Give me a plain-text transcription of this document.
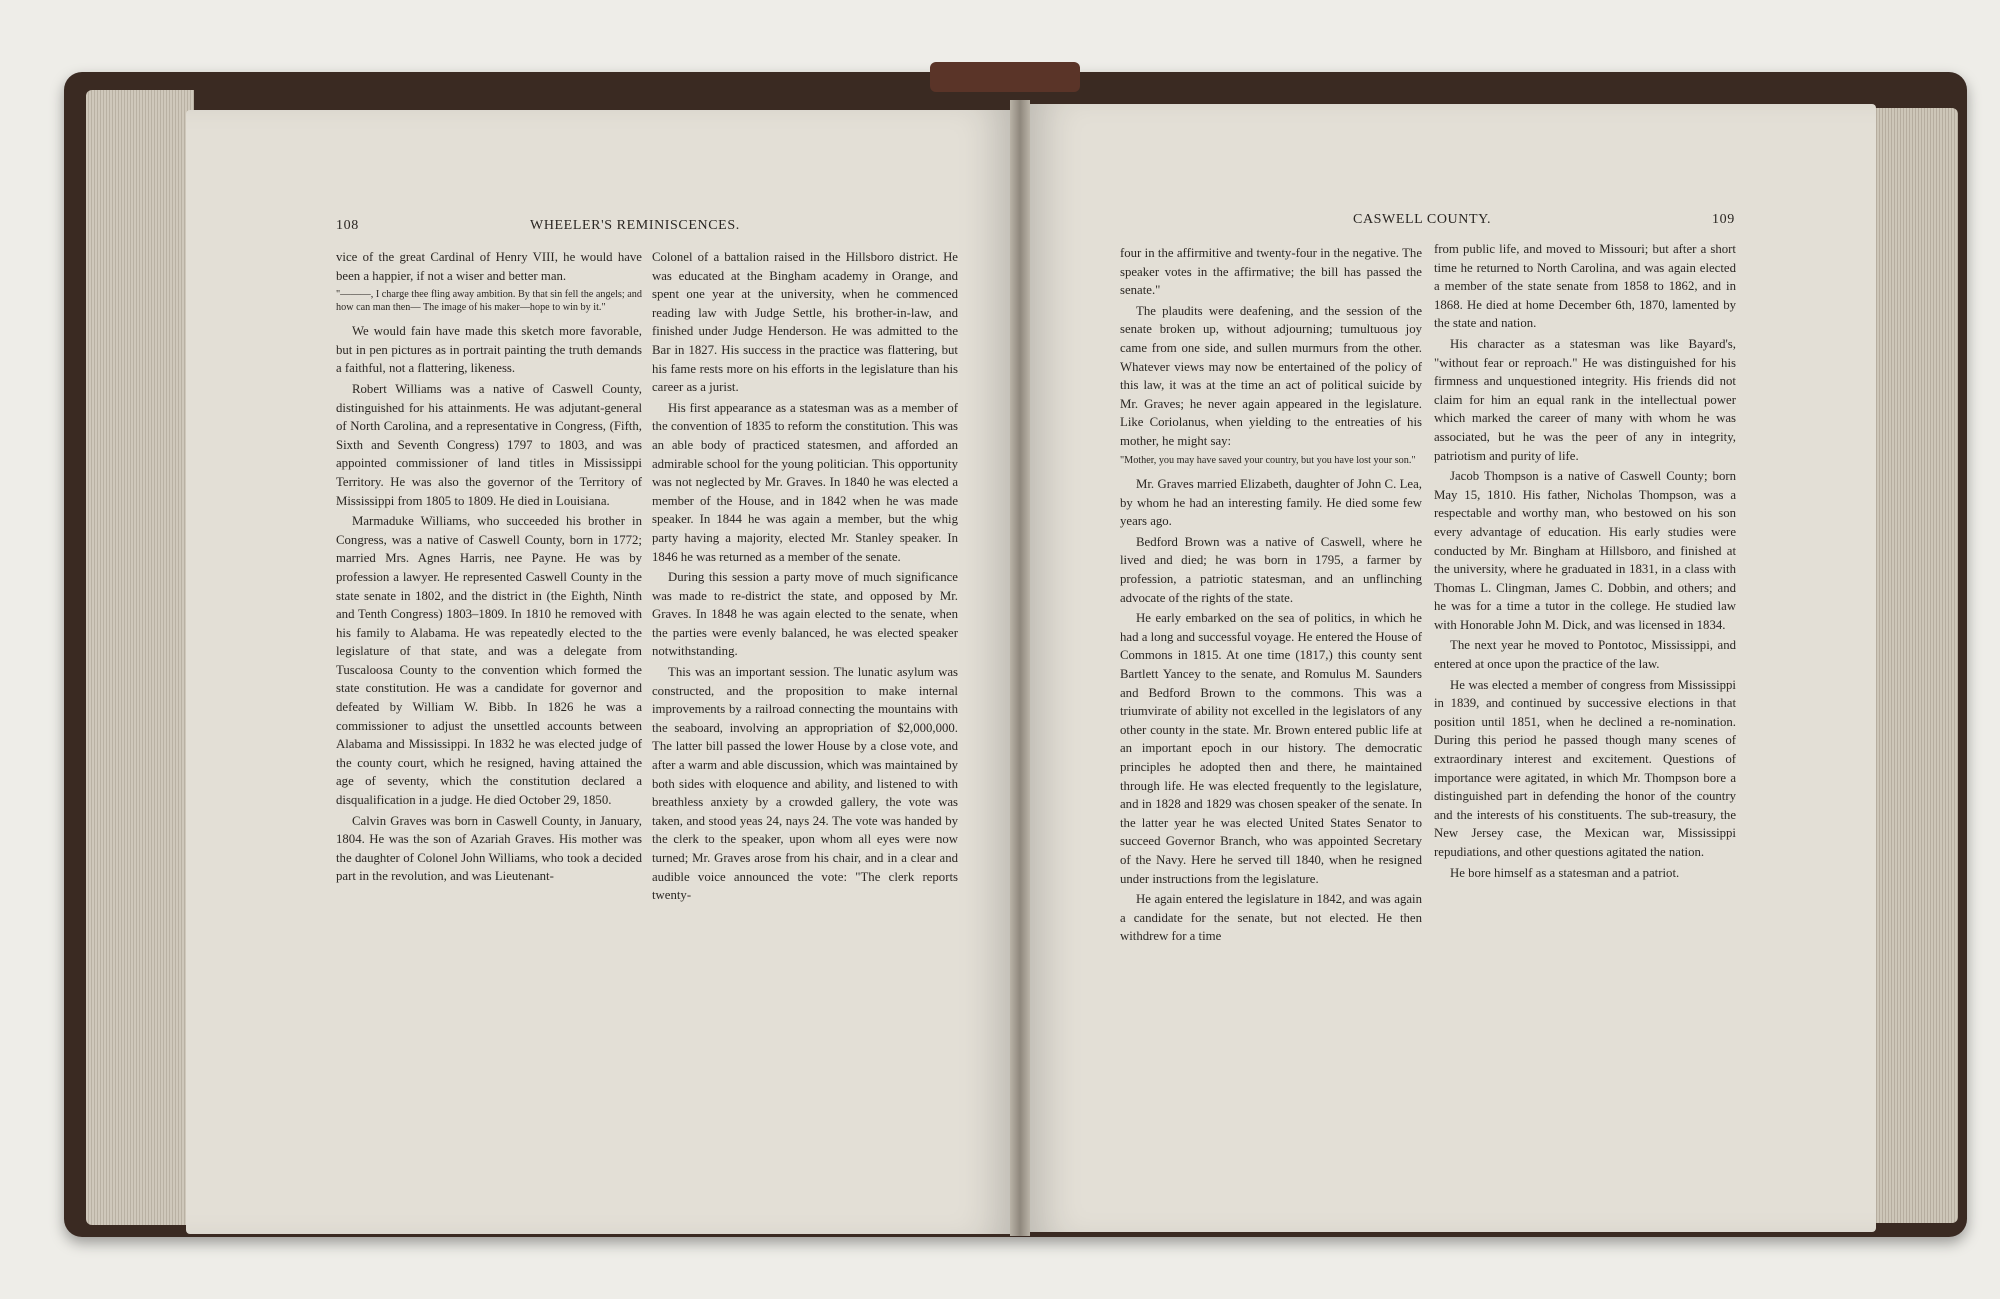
108	WHEELER'S REMINISCENCES.	CASWELL COUNTY.	109

vice of the great Cardinal of Henry VIII, he would have been a happier, if not a wiser and better man.

"———, I charge thee fling away ambition. By that sin fell the angels; and how can man then— The image of his maker—hope to win by it."

We would fain have made this sketch more favorable, but in pen pictures as in portrait painting the truth demands a faithful, not a flattering, likeness.

Robert Williams was a native of Caswell County, distinguished for his attainments. He was adjutant-general of North Carolina, and a representative in Congress, (Fifth, Sixth and Seventh Congress) 1797 to 1803, and was appointed commissioner of land titles in Mississippi Territory. He was also the governor of the Territory of Mississippi from 1805 to 1809. He died in Louisiana.

Marmaduke Williams, who succeeded his brother in Congress, was a native of Caswell County, born in 1772; married Mrs. Agnes Harris, nee Payne. He was by profession a lawyer. He represented Caswell County in the state senate in 1802, and the district in (the Eighth, Ninth and Tenth Congress) 1803–1809. In 1810 he removed with his family to Alabama. He was repeatedly elected to the legislature of that state, and was a delegate from Tuscaloosa County to the convention which formed the state constitution. He was a candidate for governor and defeated by William W. Bibb. In 1826 he was a commissioner to adjust the unsettled accounts between Alabama and Mississippi. In 1832 he was elected judge of the county court, which he resigned, having attained the age of seventy, which the constitution declared a disqualification in a judge. He died October 29, 1850.

Calvin Graves was born in Caswell County, in January, 1804. He was the son of Azariah Graves. His mother was the daughter of Colonel John Williams, who took a decided part in the revolution, and was Lieutenant-

Colonel of a battalion raised in the Hillsboro district. He was educated at the Bingham academy in Orange, and spent one year at the university, when he commenced reading law with Judge Settle, his brother-in-law, and finished under Judge Henderson. He was admitted to the Bar in 1827. His success in the practice was flattering, but his fame rests more on his efforts in the legislature than his career as a jurist.

His first appearance as a statesman was as a member of the convention of 1835 to reform the constitution. This was an able body of practiced statesmen, and afforded an admirable school for the young politician. This opportunity was not neglected by Mr. Graves. In 1840 he was elected a member of the House, and in 1842 when he was made speaker. In 1844 he was again a member, but the whig party having a majority, elected Mr. Stanley speaker. In 1846 he was returned as a member of the senate.

During this session a party move of much significance was made to re-district the state, and opposed by Mr. Graves. In 1848 he was again elected to the senate, when the parties were evenly balanced, he was elected speaker notwithstanding.

This was an important session. The lunatic asylum was constructed, and the proposition to make internal improvements by a railroad connecting the mountains with the seaboard, involving an appropriation of $2,000,000. The latter bill passed the lower House by a close vote, and after a warm and able discussion, which was maintained by both sides with eloquence and ability, and listened to with breathless anxiety by a crowded gallery, the vote was taken, and stood yeas 24, nays 24. The vote was handed by the clerk to the speaker, upon whom all eyes were now turned; Mr. Graves arose from his chair, and in a clear and audible voice announced the vote: "The clerk reports twenty-

four in the affirmitive and twenty-four in the negative. The speaker votes in the affirmative; the bill has passed the senate."

The plaudits were deafening, and the session of the senate broken up, without adjourning; tumultuous joy came from one side, and sullen murmurs from the other. Whatever views may now be entertained of the policy of this law, it was at the time an act of political suicide by Mr. Graves; he never again appeared in the legislature. Like Coriolanus, when yielding to the entreaties of his mother, he might say:

"Mother, you may have saved your country, but you have lost your son."

Mr. Graves married Elizabeth, daughter of John C. Lea, by whom he had an interesting family. He died some few years ago.

Bedford Brown was a native of Caswell, where he lived and died; he was born in 1795, a farmer by profession, a patriotic statesman, and an unflinching advocate of the rights of the state.

He early embarked on the sea of politics, in which he had a long and successful voyage. He entered the House of Commons in 1815. At one time (1817,) this county sent Bartlett Yancey to the senate, and Romulus M. Saunders and Bedford Brown to the commons. This was a triumvirate of ability not excelled in the legislators of any other county in the state. Mr. Brown entered public life at an important epoch in our history. The democratic principles he adopted then and there, he maintained through life. He was elected frequently to the legislature, and in 1828 and 1829 was chosen speaker of the senate. In the latter year he was elected United States Senator to succeed Governor Branch, who was appointed Secretary of the Navy. Here he served till 1840, when he resigned under instructions from the legislature.

He again entered the legislature in 1842, and was again a candidate for the senate, but not elected. He then withdrew for a time

from public life, and moved to Missouri; but after a short time he returned to North Carolina, and was again elected a member of the state senate from 1858 to 1862, and in 1868. He died at home December 6th, 1870, lamented by the state and nation.

His character as a statesman was like Bayard's, "without fear or reproach." He was distinguished for his firmness and unquestioned integrity. His friends did not claim for him an equal rank in the intellectual power which marked the career of many with whom he was associated, but he was the peer of any in integrity, patriotism and purity of life.

Jacob Thompson is a native of Caswell County; born May 15, 1810. His father, Nicholas Thompson, was a respectable and worthy man, who bestowed on his son every advantage of education. His early studies were conducted by Mr. Bingham at Hillsboro, and finished at the university, where he graduated in 1831, in a class with Thomas L. Clingman, James C. Dobbin, and others; and he was for a time a tutor in the college. He studied law with Honorable John M. Dick, and was licensed in 1834.

The next year he moved to Pontotoc, Mississippi, and entered at once upon the practice of the law.

He was elected a member of congress from Mississippi in 1839, and continued by successive elections in that position until 1851, when he declined a re-nomination. During this period he passed though many scenes of extraordinary interest and excitement. Questions of importance were agitated, in which Mr. Thompson bore a distinguished part in defending the honor of the country and the interests of his constituents. The sub-treasury, the New Jersey case, the Mexican war, Mississippi repudiations, and other questions agitated the nation.

He bore himself as a statesman and a patriot.
